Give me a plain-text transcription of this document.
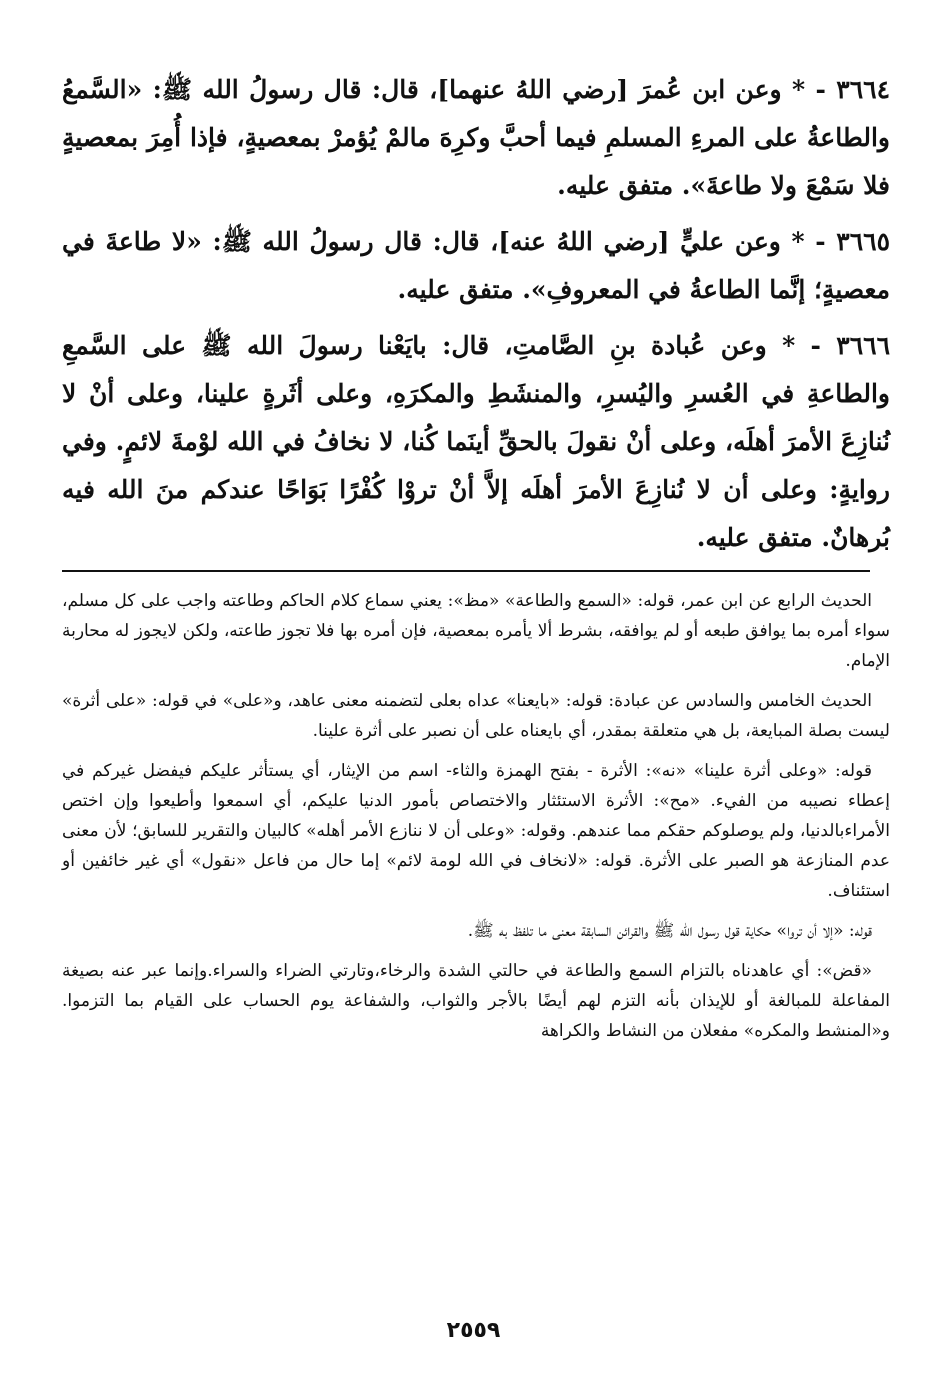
٣٦٦٤ - * وعن ابن عُمرَ [رضي اللهُ عنهما]، قال: قال رسولُ الله ﷺ: «السَّمعُ والطاعةُ على المرءِ المسلمِ فيما أحبَّ وكرِهَ مالمْ يُؤمرْ بمعصيةٍ، فإذا أُمِرَ بمعصيةٍ فلا سَمْعَ ولا طاعةَ». متفق عليه.

٣٦٦٥ - * وعن عليٍّ [رضي اللهُ عنه]، قال: قال رسولُ الله ﷺ: «لا طاعةَ في معصيةٍ؛ إنَّما الطاعةُ في المعروفِ». متفق عليه.

٣٦٦٦ - * وعن عُبادة بنِ الصَّامتِ، قال: بايَعْنا رسولَ الله ﷺ على السَّمعِ والطاعةِ في العُسرِ واليُسرِ، والمنشَطِ والمكرَهِ، وعلى أثَرةٍ علينا، وعلى أنْ لا نُنازِعَ الأمرَ أهلَه، وعلى أنْ نقولَ بالحقِّ أينَما كُنا، لا نخافُ في الله لوْمةَ لائمٍ. وفي روايةٍ: وعلى أن لا نُنازِعَ الأمرَ أهلَه إلاَّ أنْ تروْا كُفْرًا بَوَاحًا عندكم منَ الله فيه بُرهانٌ. متفق عليه.

الحديث الرابع عن ابن عمر، قوله: «السمع والطاعة» «مظ»: يعني سماع كلام الحاكم وطاعته واجب على كل مسلم، سواء أمره بما يوافق طبعه أو لم يوافقه، بشرط ألا يأمره بمعصية، فإن أمره بها فلا تجوز طاعته، ولكن لايجوز له محاربة الإمام.

الحديث الخامس والسادس عن عبادة: قوله: «بايعنا» عداه بعلى لتضمنه معنى عاهد، و«على» في قوله: «على أثرة» ليست بصلة المبايعة، بل هي متعلقة بمقدر، أي بايعناه على أن نصبر على أثرة علينا.

قوله: «وعلى أثرة علينا» «نه»: الأثرة - بفتح الهمزة والثاء- اسم من الإيثار، أي يستأثر عليكم فيفضل غيركم في إعطاء نصيبه من الفيء. «مح»: الأثرة الاستئثار والاختصاص بأمور الدنيا عليكم، أي اسمعوا وأطيعوا وإن اختص الأمراءبالدنيا، ولم يوصلوكم حقكم مما عندهم. وقوله: «وعلى أن لا ننازع الأمر أهله» كالبيان والتقرير للسابق؛ لأن معنى عدم المنازعة هو الصبر على الأثرة. قوله: «لانخاف في الله لومة لائم» إما حال من فاعل «نقول» أي غير خائفين أو استئناف.

قوله: «إلا أن تروا» حكاية قول رسول الله ﷺ والقرائن السابقة معنى ما تلفظ به ﷺ.

«قض»: أي عاهدناه بالتزام السمع والطاعة في حالتي الشدة والرخاء،وتارتي الضراء والسراء.وإنما عبر عنه بصيغة المفاعلة للمبالغة أو للإيذان بأنه التزم لهم أيضًا بالأجر والثواب، والشفاعة يوم الحساب على القيام بما التزموا. و«المنشط والمكره» مفعلان من النشاط والكراهة

٢٥٥٩
